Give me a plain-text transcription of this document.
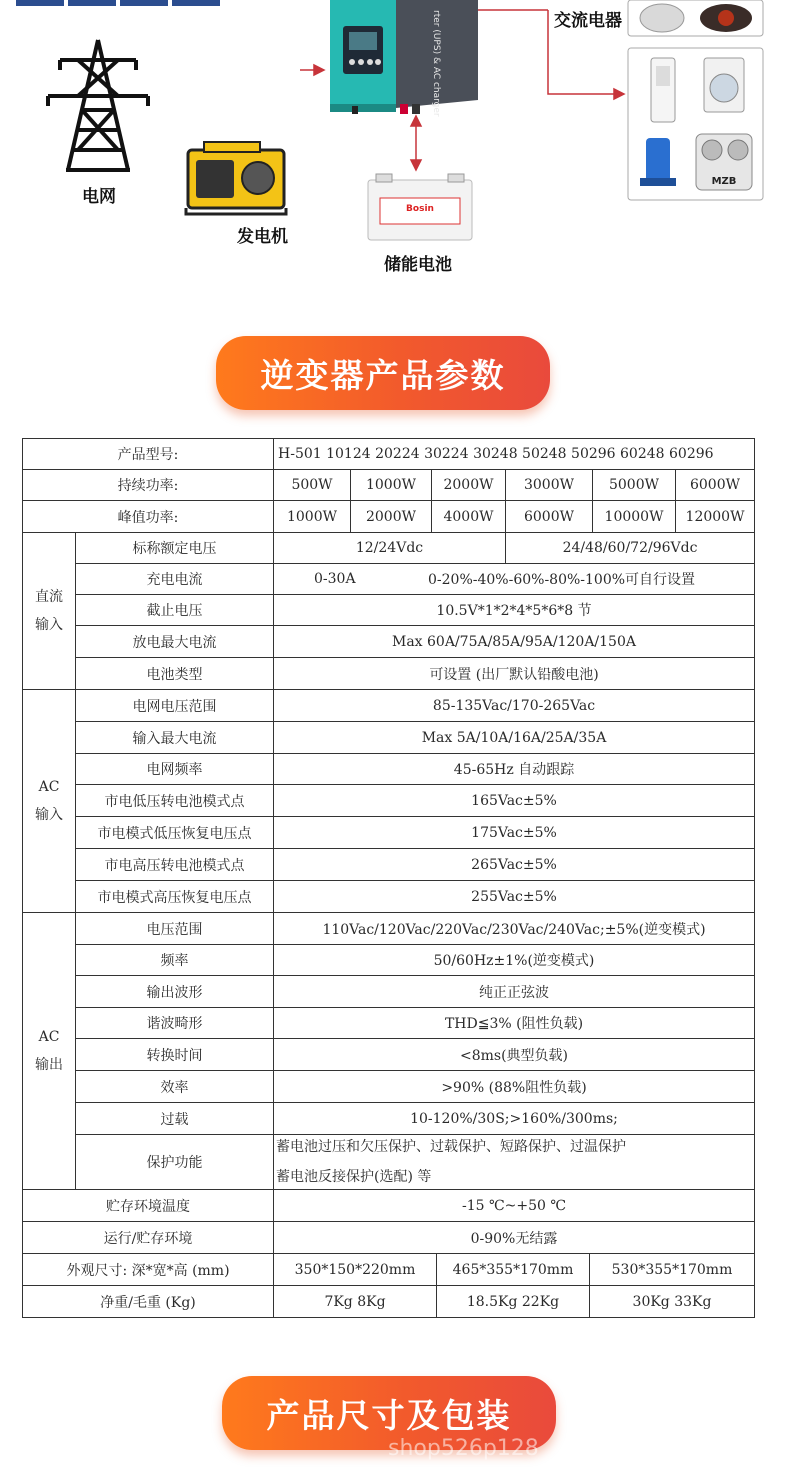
rter (UPS) & AC charger
Bosin
MZB
交流电器
电网
发电机
储能电池
逆变器产品参数
产品型号:	H-501 10124 20224 30224 30248 50248 50296 60248 60296
持续功率:	500W	1000W	2000W	3000W	5000W	6000W
峰值功率:	1000W	2000W	4000W	6000W	10000W	12000W
直流
输入
标称额定电压	12/24Vdc	24/48/60/72/96Vdc
充电电流	0-30A	0-20%-40%-60%-80%-100%可自行设置
截止电压	10.5V*1*2*4*5*6*8 节
放电最大电流	Max 60A/75A/85A/95A/120A/150A
电池类型	可设置 (出厂默认铅酸电池)
AC
输入
电网电压范围	85-135Vac/170-265Vac
输入最大电流	Max 5A/10A/16A/25A/35A
电网频率	45-65Hz 自动跟踪
市电低压转电池模式点	165Vac±5%
市电模式低压恢复电压点	175Vac±5%
市电高压转电池模式点	265Vac±5%
市电模式高压恢复电压点	255Vac±5%
AC
输出
电压范围	110Vac/120Vac/220Vac/230Vac/240Vac;±5%(逆变模式)
频率	50/60Hz±1%(逆变模式)
输出波形	纯正正弦波
谐波畸形	THD≦3% (阻性负载)
转换时间	<8ms(典型负载)
效率	>90% (88%阻性负载)
过载	10-120%/30S;>160%/300ms;
保护功能
蓄电池过压和欠压保护、过载保护、短路保护、过温保护
蓄电池反接保护(选配) 等
贮存环境温度	-15 ℃~+50 ℃
运行/贮存环境	0-90%无结露
外观尺寸: 深*宽*高 (mm)	350*150*220mm	465*355*170mm	530*355*170mm
净重/毛重 (Kg)	7Kg 8Kg	18.5Kg 22Kg	30Kg 33Kg
产品尺寸及包装
shop526p128
